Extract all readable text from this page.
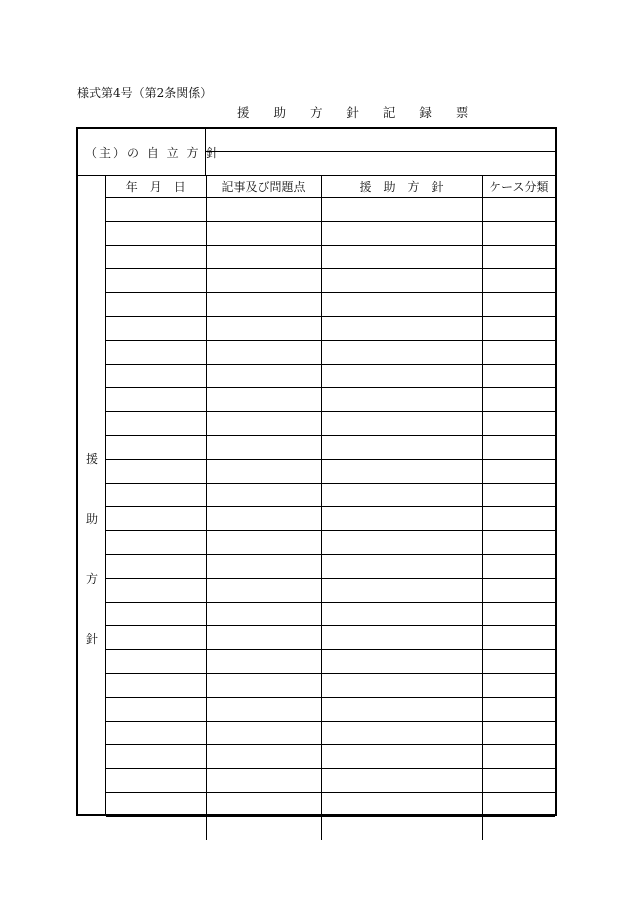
様式第4号（第2条関係）
援 助 方 針 記 録 票
（主）の 自 立 方 針
援
助
方
針
年　月　日	記事及び問題点	援　助　方　針	ケース分類
